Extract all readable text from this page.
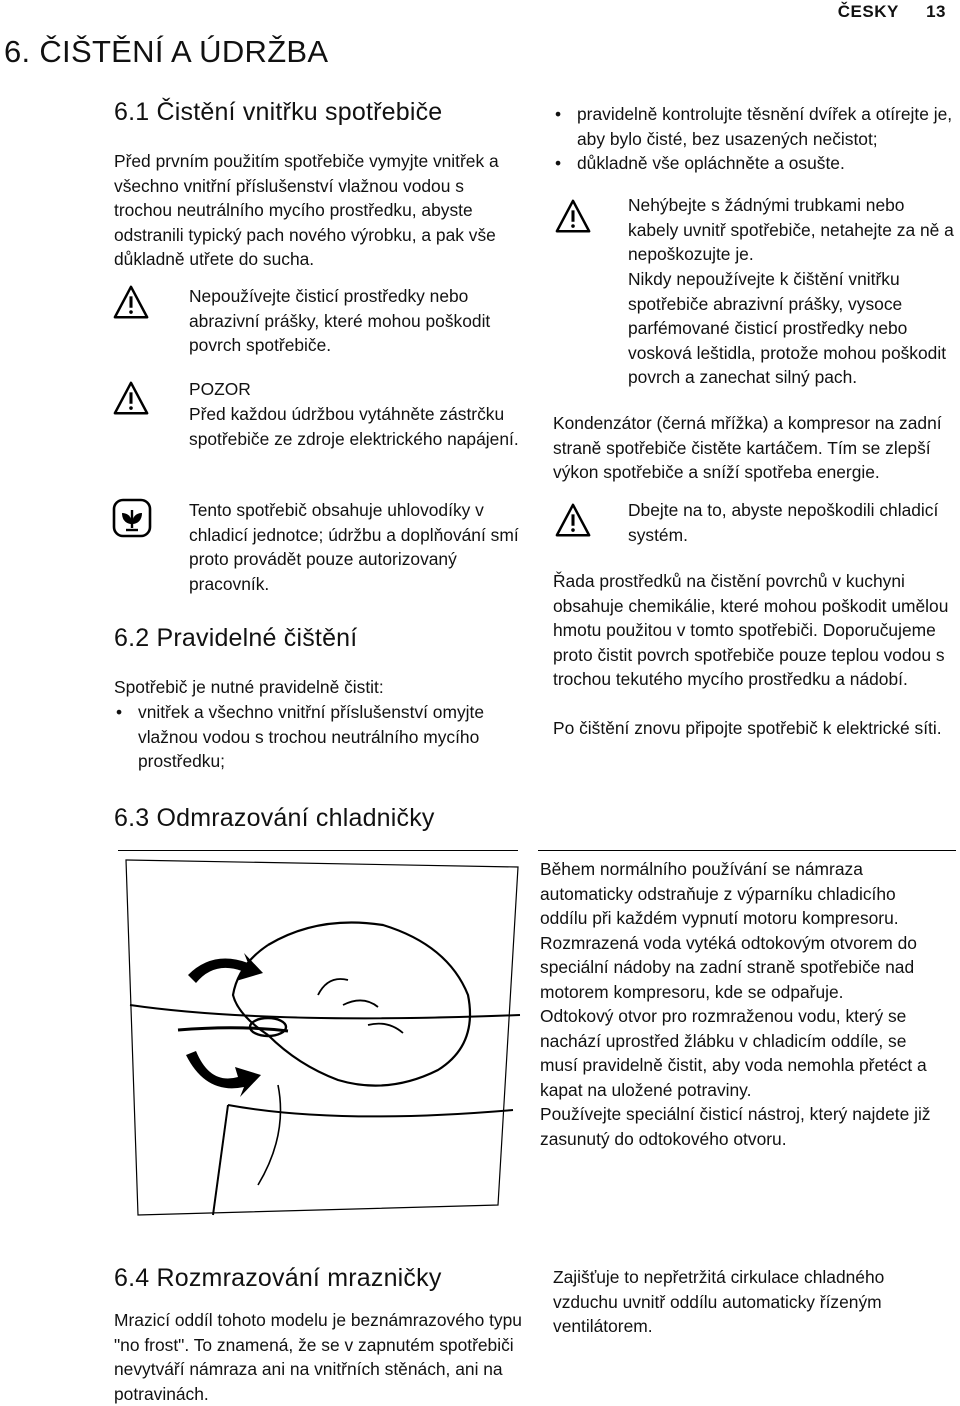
ČESKY 13
6. ČIŠTĚNÍ A ÚDRŽBA
6.1 Čistění vnitřku spotřebiče

Před prvním použitím spotřebiče vymyjte vnitřek a všechno vnitřní příslušenství vlažnou vodou s trochou neutrálního mycího prostředku, abyste odstranili typický pach nového výrobku, a pak vše důkladně utřete do sucha.

Nepoužívejte čisticí prostředky nebo abrazivní prášky, které mohou poškodit povrch spotřebiče.

POZOR

Před každou údržbou vytáhněte zástrčku spotřebiče ze zdroje elektrického napájení.

Tento spotřebič obsahuje uhlovodíky v chladicí jednotce; údržbu a doplňování smí proto provádět pouze autorizovaný pracovník.

6.2 Pravidelné čištění

Spotřebič je nutné pravidelně čistit:

• vnitřek a všechno vnitřní příslušenství omyjte vlažnou vodou s trochou neutrálního mycího prostředku;
• pravidelně kontrolujte těsnění dvířek a otírejte je, aby bylo čisté, bez usazených nečistot;
• důkladně vše opláchněte a osušte.

Nehýbejte s žádnými trubkami nebo kabely uvnitř spotřebiče, netahejte za ně a nepoškozujte je.

Nikdy nepoužívejte k čištění vnitřku spotřebiče abrazivní prášky, vysoce parfémované čisticí prostředky nebo vosková leštidla, protože mohou poškodit povrch a zanechat silný pach.

Kondenzátor (černá mřížka) a kompresor na zadní straně spotřebiče čistěte kartáčem. Tím se zlepší výkon spotřebiče a sníží spotřeba energie.

Dbejte na to, abyste nepoškodili chladicí systém.

Řada prostředků na čistění povrchů v kuchyni obsahuje chemikálie, které mohou poškodit umělou hmotu použitou v tomto spotřebiči. Doporučujeme proto čistit povrch spotřebiče pouze teplou vodou s trochou tekutého mycího prostředku a nádobí.

Po čištění znovu připojte spotřebič k elektrické síti.

6.3 Odmrazování chladničky

Během normálního používání se námraza automaticky odstraňuje z výparníku chladicího oddílu při každém vypnutí motoru kompresoru. Rozmrazená voda vytéká odtokovým otvorem do speciální nádoby na zadní straně spotřebiče nad motorem kompresoru, kde se odpařuje.

Odtokový otvor pro rozmraženou vodu, který se nachází uprostřed žlábku v chladicím oddíle, se musí pravidelně čistit, aby voda nemohla přetéct a kapat na uložené potraviny.

Používejte speciální čisticí nástroj, který najdete již zasunutý do odtokového otvoru.

6.4 Rozmrazování mrazničky

Mrazicí oddíl tohoto modelu je beznámrazového typu "no frost". To znamená, že se v zapnutém spotřebiči nevytváří námraza ani na vnitřních stěnách, ani na potravinách.

Zajišťuje to nepřetržitá cirkulace chladného vzduchu uvnitř oddílu automaticky řízeným ventilátorem.
